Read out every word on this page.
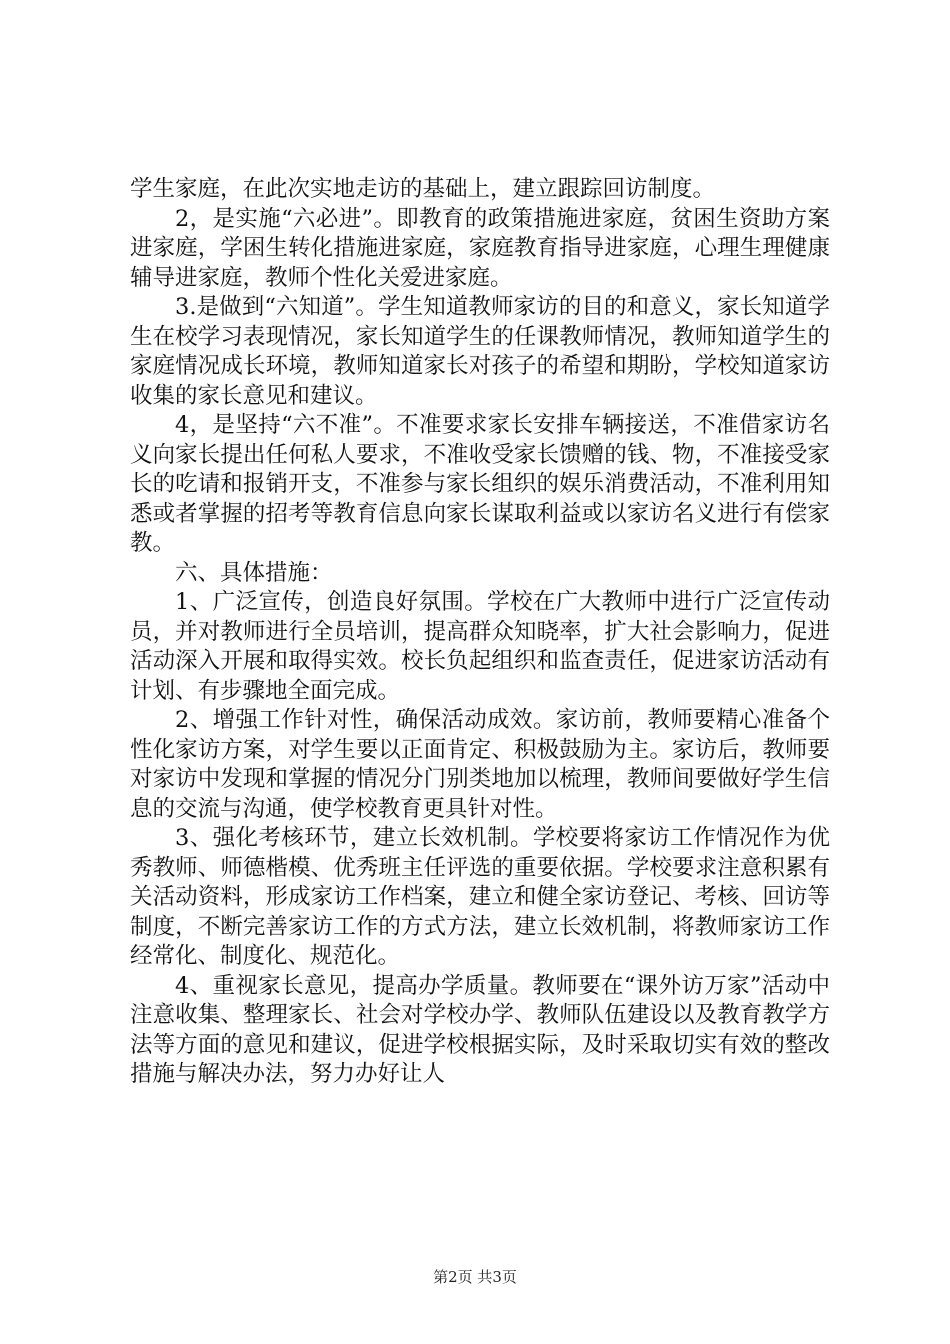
学生家庭，在此次实地走访的基础上，建立跟踪回访制度。

2，是实施“六必进”。即教育的政策措施进家庭，贫困生资助方案进家庭，学困生转化措施进家庭，家庭教育指导进家庭，心理生理健康辅导进家庭，教师个性化关爱进家庭。

3.是做到“六知道”。学生知道教师家访的目的和意义，家长知道学生在校学习表现情况，家长知道学生的任课教师情况，教师知道学生的家庭情况成长环境，教师知道家长对孩子的希望和期盼，学校知道家访收集的家长意见和建议。

4，是坚持“六不准”。不准要求家长安排车辆接送，不准借家访名义向家长提出任何私人要求，不准收受家长馈赠的钱、物，不准接受家长的吃请和报销开支，不准参与家长组织的娱乐消费活动，不准利用知悉或者掌握的招考等教育信息向家长谋取利益或以家访名义进行有偿家教。

六、具体措施：

1、广泛宣传，创造良好氛围。学校在广大教师中进行广泛宣传动员，并对教师进行全员培训，提高群众知晓率，扩大社会影响力，促进活动深入开展和取得实效。校长负起组织和监查责任，促进家访活动有计划、有步骤地全面完成。

2、增强工作针对性，确保活动成效。家访前，教师要精心准备个性化家访方案，对学生要以正面肯定、积极鼓励为主。家访后，教师要对家访中发现和掌握的情况分门别类地加以梳理，教师间要做好学生信息的交流与沟通，使学校教育更具针对性。

3、强化考核环节，建立长效机制。学校要将家访工作情况作为优秀教师、师德楷模、优秀班主任评选的重要依据。学校要求注意积累有关活动资料，形成家访工作档案，建立和健全家访登记、考核、回访等制度，不断完善家访工作的方式方法，建立长效机制，将教师家访工作经常化、制度化、规范化。

4、重视家长意见，提高办学质量。教师要在“课外访万家”活动中注意收集、整理家长、社会对学校办学、教师队伍建设以及教育教学方法等方面的意见和建议，促进学校根据实际，及时采取切实有效的整改措施与解决办法，努力办好让人

第2页 共3页
